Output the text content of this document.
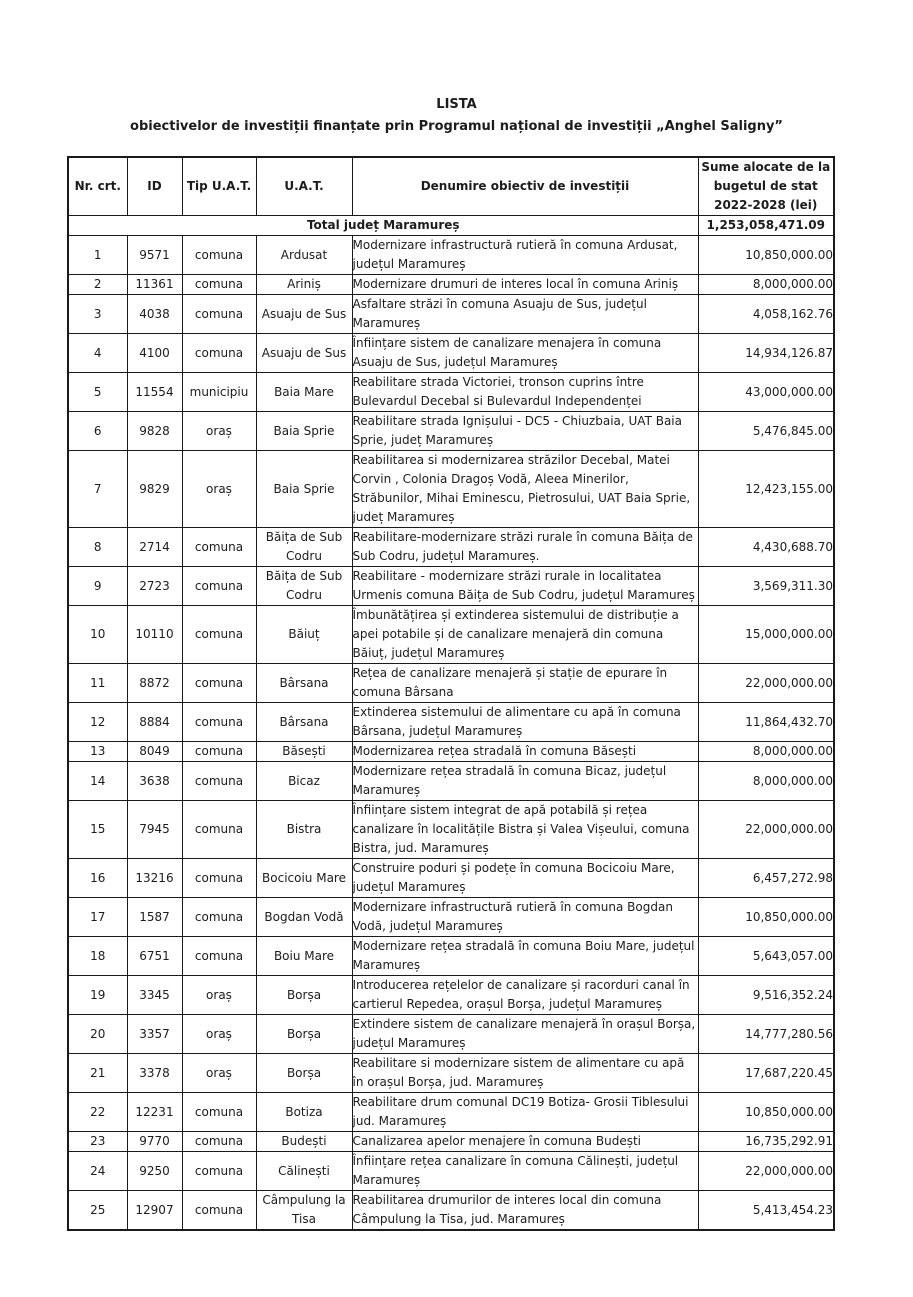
LISTA
obiectivelor de investiții finanțate prin Programul național de investiții „Anghel Saligny”
Nr. crt.	ID	Tip U.A.T.	U.A.T.	Denumire obiectiv de investiții	Sume alocate de la bugetul de stat 2022-2028 (lei)
Total județ Maramureș					1,253,058,471.09
1	9571	comuna	Ardusat	Modernizare infrastructură rutieră în comuna Ardusat, județul Maramureș	10,850,000.00
2	11361	comuna	Ariniș	Modernizare drumuri de interes local în comuna Ariniș	8,000,000.00
3	4038	comuna	Asuaju de Sus	Asfaltare străzi în comuna Asuaju de Sus, județul Maramureș	4,058,162.76
4	4100	comuna	Asuaju de Sus	Înființare sistem de canalizare menajera în comuna Asuaju de Sus, județul Maramureș	14,934,126.87
5	11554	municipiu	Baia Mare	Reabilitare strada Victoriei, tronson cuprins între Bulevardul Decebal si Bulevardul Independenței	43,000,000.00
6	9828	oraș	Baia Sprie	Reabilitare strada Ignișului - DC5 - Chiuzbaia, UAT Baia Sprie, județ Maramureș	5,476,845.00
7	9829	oraș	Baia Sprie	Reabilitarea si modernizarea străzilor Decebal, Matei Corvin , Colonia Dragoș Vodă, Aleea Minerilor, Străbunilor, Mihai Eminescu, Pietrosului, UAT Baia Sprie, județ Maramureș	12,423,155.00
8	2714	comuna	Băița de Sub Codru	Reabilitare-modernizare străzi rurale în comuna Băița de Sub Codru, județul Maramureș.	4,430,688.70
9	2723	comuna	Băița de Sub Codru	Reabilitare - modernizare străzi rurale in localitatea Urmenis comuna Băița de Sub Codru, județul Maramureș	3,569,311.30
10	10110	comuna	Băiuț	Îmbunătățirea și extinderea sistemului de distribuție a apei potabile și de canalizare menajeră din comuna Băiuț, județul Maramureș	15,000,000.00
11	8872	comuna	Bârsana	Rețea de canalizare menajeră și stație de epurare în comuna Bârsana	22,000,000.00
12	8884	comuna	Bârsana	Extinderea sistemului de alimentare cu apă în comuna Bârsana, județul Maramureș	11,864,432.70
13	8049	comuna	Băsești	Modernizarea rețea stradală în comuna Băsești	8,000,000.00
14	3638	comuna	Bicaz	Modernizare rețea stradală în comuna Bicaz, județul Maramureș	8,000,000.00
15	7945	comuna	Bistra	Înființare sistem integrat de apă potabilă și rețea canalizare în localitățile Bistra și Valea Vișeului, comuna Bistra, jud. Maramureș	22,000,000.00
16	13216	comuna	Bocicoiu Mare	Construire poduri și podețe în comuna Bocicoiu Mare, județul Maramureș	6,457,272.98
17	1587	comuna	Bogdan Vodă	Modernizare infrastructură rutieră în comuna Bogdan Vodă, județul Maramureș	10,850,000.00
18	6751	comuna	Boiu Mare	Modernizare rețea stradală în comuna Boiu Mare, județul Maramureș	5,643,057.00
19	3345	oraș	Borșa	Introducerea rețelelor de canalizare și racorduri canal în cartierul Repedea, orașul Borșa, județul Maramureș	9,516,352.24
20	3357	oraș	Borșa	Extindere sistem de canalizare menajeră în orașul Borșa, județul Maramureș	14,777,280.56
21	3378	oraș	Borșa	Reabilitare si modernizare sistem de alimentare cu apă în orașul Borșa, jud. Maramureș	17,687,220.45
22	12231	comuna	Botiza	Reabilitare drum comunal DC19 Botiza- Grosii Tiblesului jud. Maramureș	10,850,000.00
23	9770	comuna	Budești	Canalizarea apelor menajere în comuna Budești	16,735,292.91
24	9250	comuna	Călinești	Înființare rețea canalizare în comuna Călinești, județul Maramureș	22,000,000.00
25	12907	comuna	Câmpulung la Tisa	Reabilitarea drumurilor de interes local din comuna Câmpulung la Tisa, jud. Maramureș	5,413,454.23
